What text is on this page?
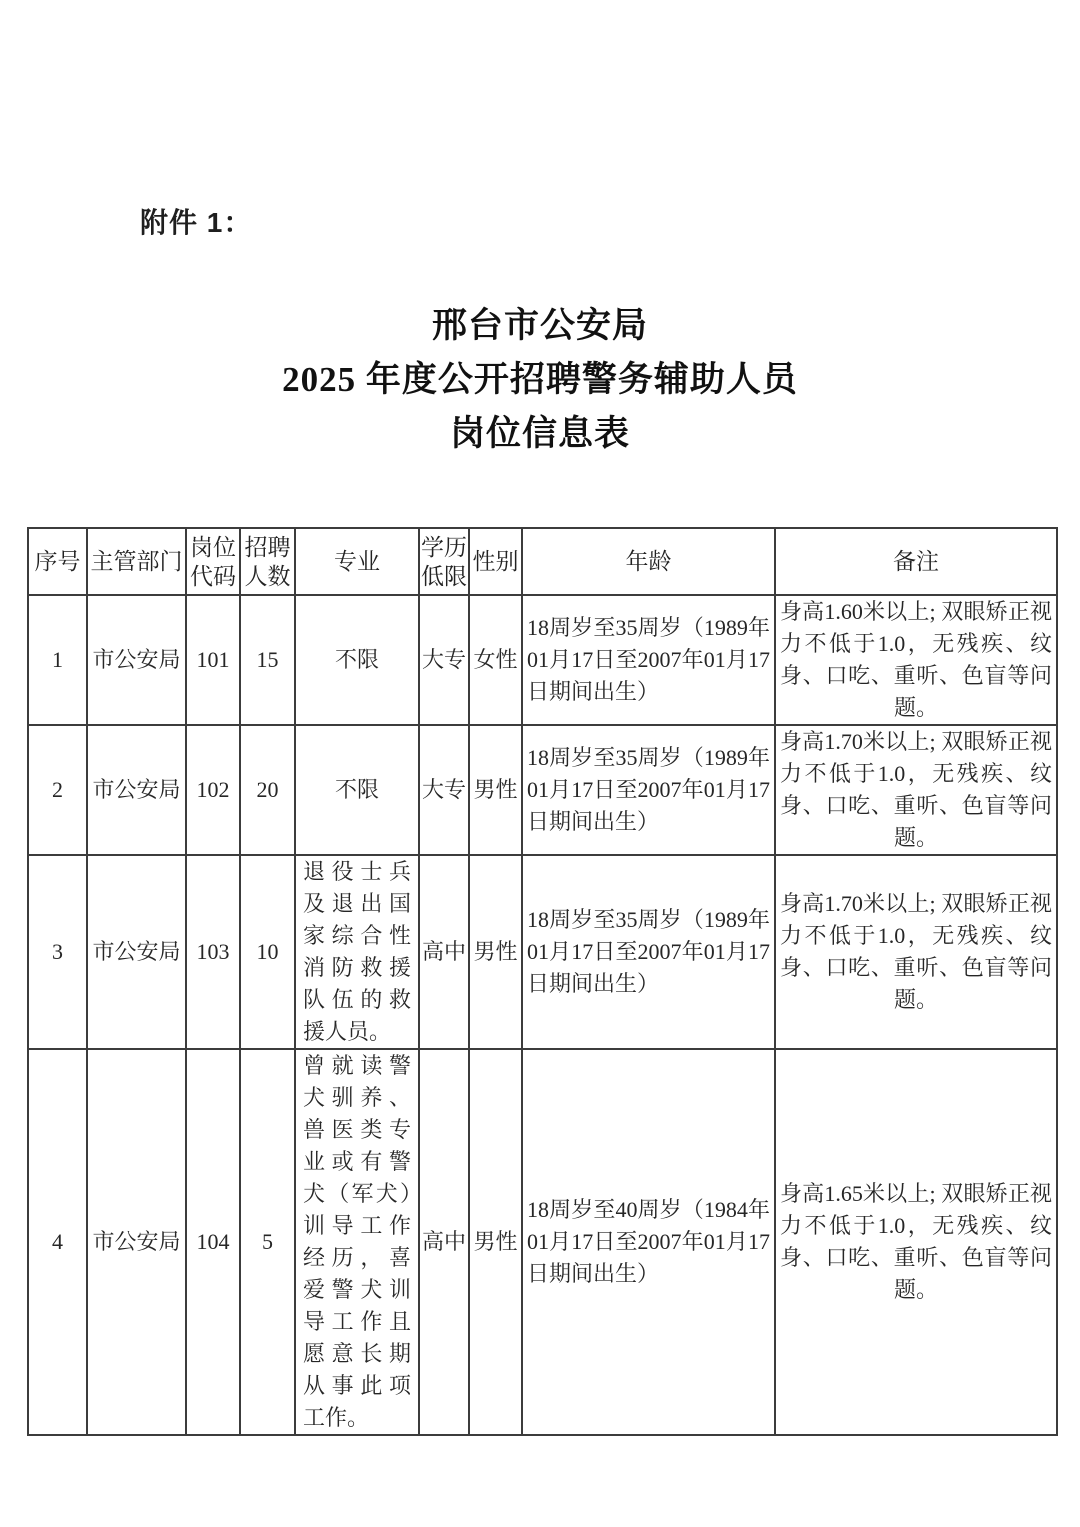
附件 1：
邢台市公安局
2025 年度公开招聘警务辅助人员
岗位信息表
序号	主管部门	岗位代码	招聘人数	专业	学历低限	性别	年龄	备注
1	市公安局	101	15	不限	大专	女性	18周岁至35周岁（1989年01月17日至2007年01月17日期间出生）	身高1.60米以上; 双眼矫正视力不低于1.0，无残疾、纹身、口吃、重听、色盲等问题。
2	市公安局	102	20	不限	大专	男性	18周岁至35周岁（1989年01月17日至2007年01月17日期间出生）	身高1.70米以上; 双眼矫正视力不低于1.0，无残疾、纹身、口吃、重听、色盲等问题。
3	市公安局	103	10	退役士兵及退出国家综合性消防救援队伍的救援人员。	高中	男性	18周岁至35周岁（1989年01月17日至2007年01月17日期间出生）	身高1.70米以上; 双眼矫正视力不低于1.0，无残疾、纹身、口吃、重听、色盲等问题。
4	市公安局	104	5	曾就读警犬驯养、兽医类专业或有警犬（军犬）训导工作经历，喜爱警犬训导工作且愿意长期从事此项工作。	高中	男性	18周岁至40周岁（1984年01月17日至2007年01月17日期间出生）	身高1.65米以上; 双眼矫正视力不低于1.0，无残疾、纹身、口吃、重听、色盲等问题。
